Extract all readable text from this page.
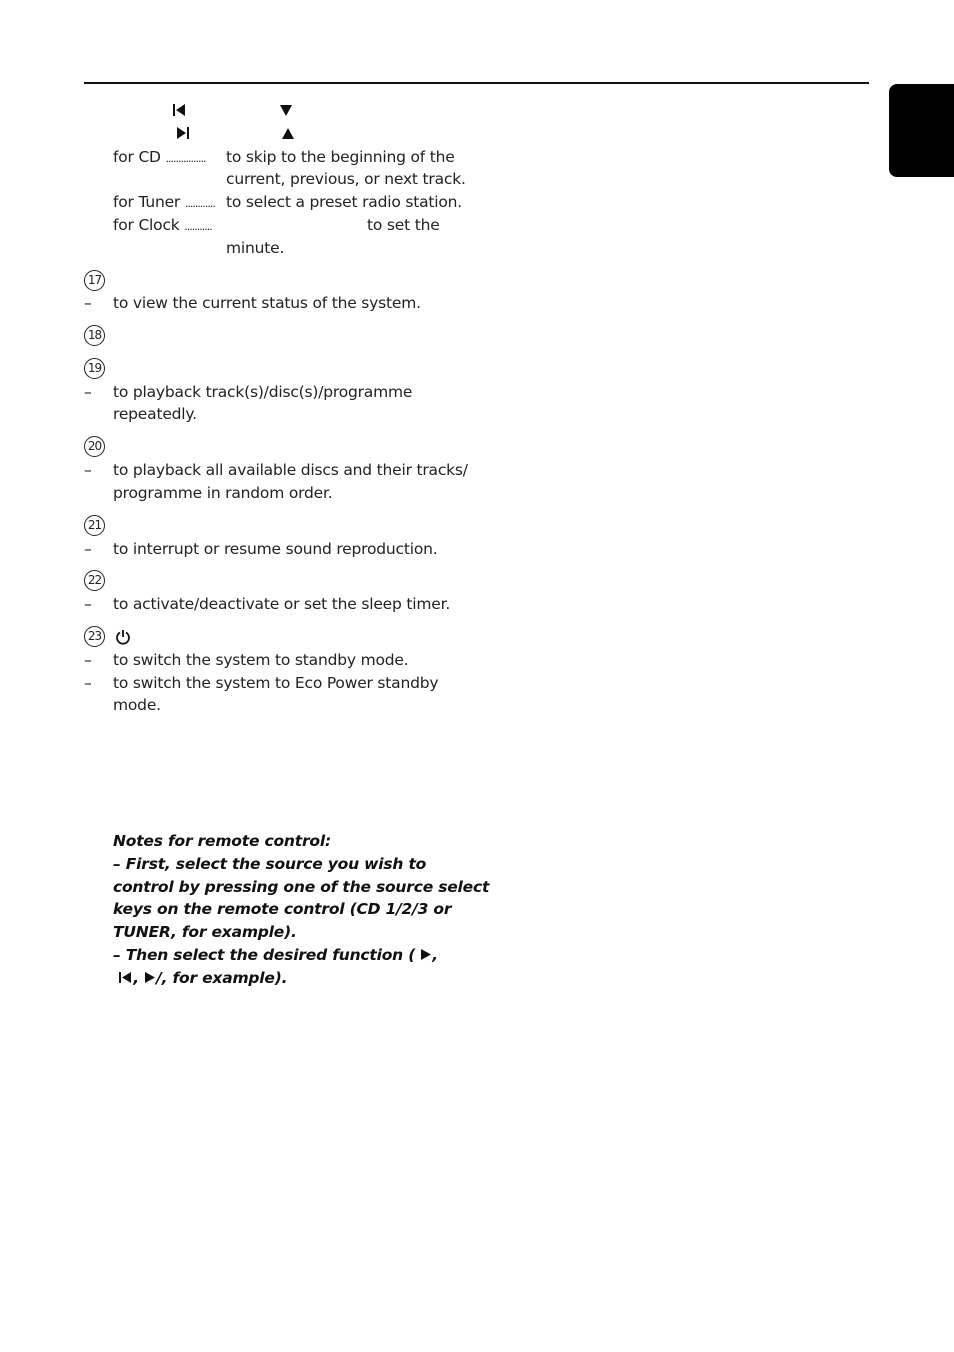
for CD ................ to skip to the beginning of the
current, previous, or next track.
for Tuner ............ to select a preset radio station.
for Clock ...........	to set the
minute.
17
– to view the current status of the system.
18
19
– to playback track(s)/disc(s)/programme
repeatedly.
20
– to playback all available discs and their tracks/
programme in random order.
21
– to interrupt or resume sound reproduction.
22
– to activate/deactivate or set the sleep timer.
23
– to switch the system to standby mode.
– to switch the system to Eco Power standby
mode.
Notes for remote control:
– First, select the source you wish to
control by pressing one of the source select
keys on the remote control (CD 1/2/3 or
TUNER, for example).
– Then select the desired function ( ,
, /, for example).
